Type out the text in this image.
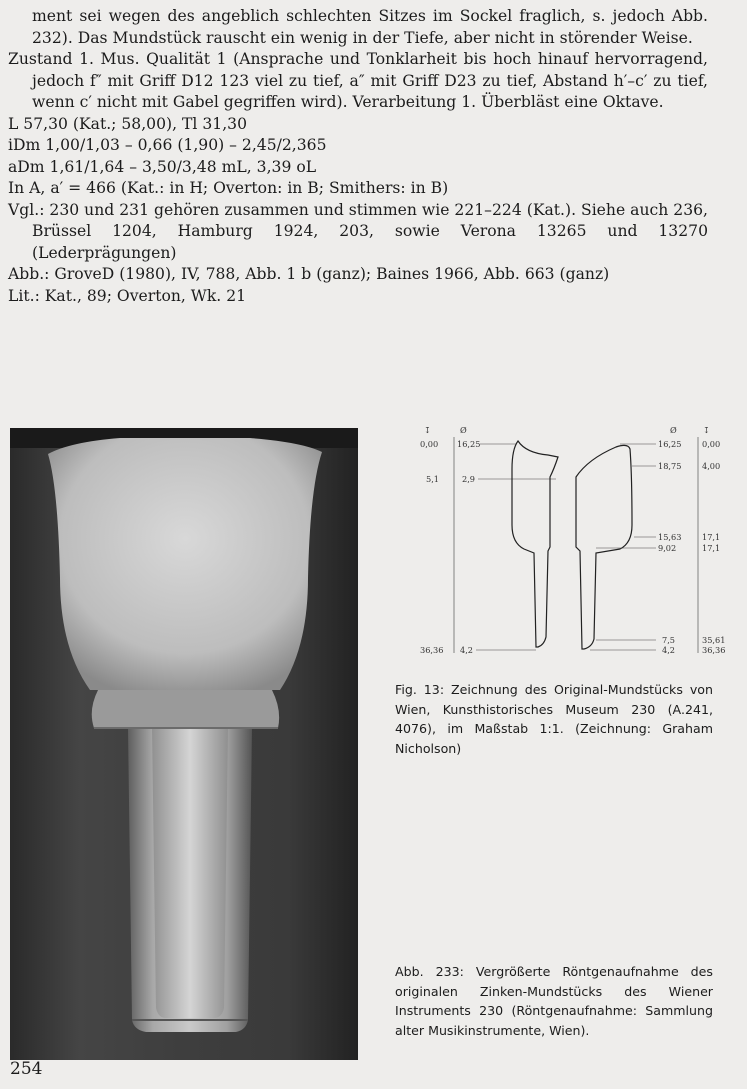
ment sei wegen des angeblich schlechten Sitzes im Sockel fraglich, s. jedoch Abb. 232). Das Mundstück rauscht ein wenig in der Tiefe, aber nicht in störender Weise.

Zustand 1. Mus. Qualität 1 (Ansprache und Tonklarheit bis hoch hinauf hervorragend, jedoch f″ mit Griff D12 123 viel zu tief, a″ mit Griff D23 zu tief, Abstand h′–c′ zu tief, wenn c′ nicht mit Gabel gegriffen wird). Verarbeitung 1. Überbläst eine Oktave.

L 57,30 (Kat.; 58,00), Tl 31,30

iDm 1,00/1,03 – 0,66 (1,90) – 2,45/2,365

aDm 1,61/1,64 – 3,50/3,48 mL, 3,39 oL

In A, a′ = 466 (Kat.: in H; Overton: in B; Smithers: in B)

Vgl.: 230 und 231 gehören zusammen und stimmen wie 221–224 (Kat.). Siehe auch 236, Brüssel 1204, Hamburg 1924, 203, sowie Verona 13265 und 13270 (Lederprägungen)

Abb.: GroveD (1980), IV, 788, Abb. 1 b (ganz); Baines 1966, Abb. 663 (ganz)

Lit.: Kat., 89; Overton, Wk. 21

↧	Ø	Ø	↧
0,00 16,25
5,1	2,9
36,36 4,2
16,25	0,00
18,75	4,00
15,63	17,1
9,02	17,1
7,5	35,61
4,2	36,36

Fig. 13: Zeichnung des Original-Mundstücks von Wien, Kunsthistorisches Museum 230 (A.241, 4076), im Maßstab 1:1. (Zeichnung: Graham Nicholson)

Abb. 233: Vergrößerte Röntgenaufnahme des originalen Zinken-Mundstücks des Wiener Instruments 230 (Röntgenaufnahme: Sammlung alter Musikinstrumente, Wien).

254
